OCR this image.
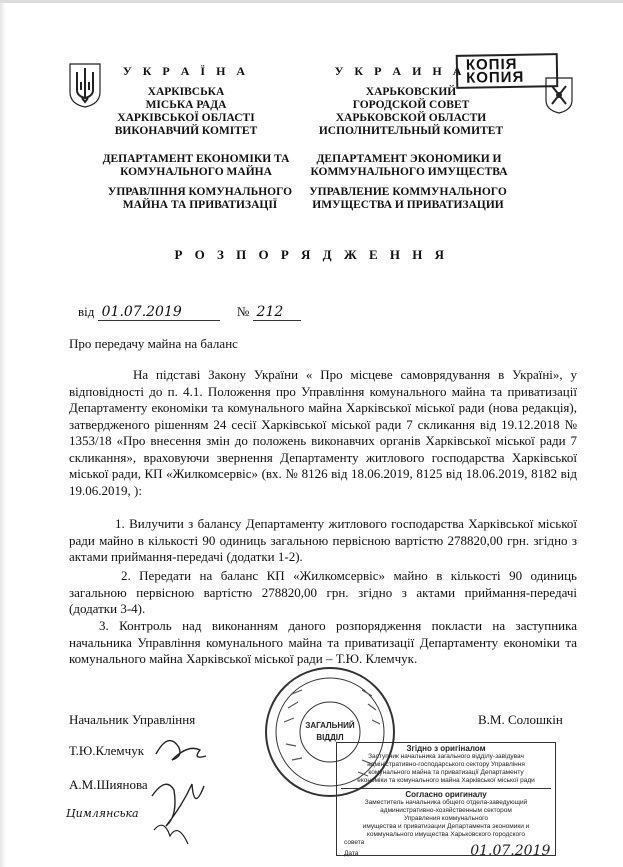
У К Р А Ї Н А
ХАРКІВСЬКА
МІСЬКА РАДА
ХАРКІВСЬКОЇ ОБЛАСТІ
ВИКОНАВЧИЙ КОМІТЕТ
ДЕПАРТАМЕНТ ЕКОНОМІКИ ТА
КОМУНАЛЬНОГО МАЙНА
УПРАВЛІННЯ КОМУНАЛЬНОГО
МАЙНА ТА ПРИВАТИЗАЦІЇ
У К Р А И Н А КОПІЯ
КОПИЯ
ХАРЬКОВСКИЙ
ГОРОДСКОЙ СОВЕТ
ХАРЬКОВСКОЙ ОБЛАСТИ
ИСПОЛНИТЕЛЬНЫЙ КОМИТЕТ
ДЕПАРТАМЕНТ ЭКОНОМИКИ И
КОММУНАЛЬНОГО ИМУЩЕСТВА
УПРАВЛЕНИЕ КОММУНАЛЬНОГО
ИМУЩЕСТВА И ПРИВАТИЗАЦИИ
Р О З П О Р Я Д Ж Е Н Н Я
від 01.07.2019	№ 212
Про передачу майна на баланс

На підставі Закону України « Про місцеве самоврядування в Україні», у відповідності до п. 4.1. Положення про Управління комунального майна та приватизації Департаменту економіки та комунального майна Харківської міської ради (нова редакція), затвердженого рішенням 24 сесії Харківської міської ради 7 скликання від 19.12.2018 № 1353/18 «Про внесення змін до положень виконавчих органів Харківської міської ради 7 скликання», враховуючи звернення Департаменту житлового господарства Харківської міської ради, КП «Жилкомсервіс» (вх. № 8126 від 18.06.2019, 8125 від 18.06.2019, 8182 від 19.06.2019, ):

1. Вилучити з балансу Департаменту житлового господарства Харківської міської ради майно в кількості 90 одиниць загальною первісною вартістю 278820,00 грн. згідно з актами приймання-передачі (додатки 1-2).

2. Передати на баланс КП «Жилкомсервіс» майно в кількості 90 одиниць загальною первісною вартістю 278820,00 грн. згідно з актами приймання-передачі (додатки 3-4).

3. Контроль над виконанням даного розпорядження покласти на заступника начальника Управління комунального майна та приватизації Департаменту економіки та комунального майна Харківської міської ради – Т.Ю. Клемчук.

ЗАГАЛЬНИЙ
ВІДДІЛ
Начальник Управління	В.М. Солошкін
Т.Ю.Клемчук
А.М.Шиянова
Цимлянська
Згідно з оригіналом
Заступник начальника загального відділу-завідувач
адміністративно-господарського сектору Управління
комунального майна та приватизації Департаменту
економіки та комунального майна Харківської міської ради
Согласно оригиналу
Заместитель начальника общего отдела-заведующий
административно-хозяйственным сектором
Управления коммунального
имущества и приватизации Департамента экономики и
коммунального имущества Харьковского городского
совета
Дата	01.07.2019
